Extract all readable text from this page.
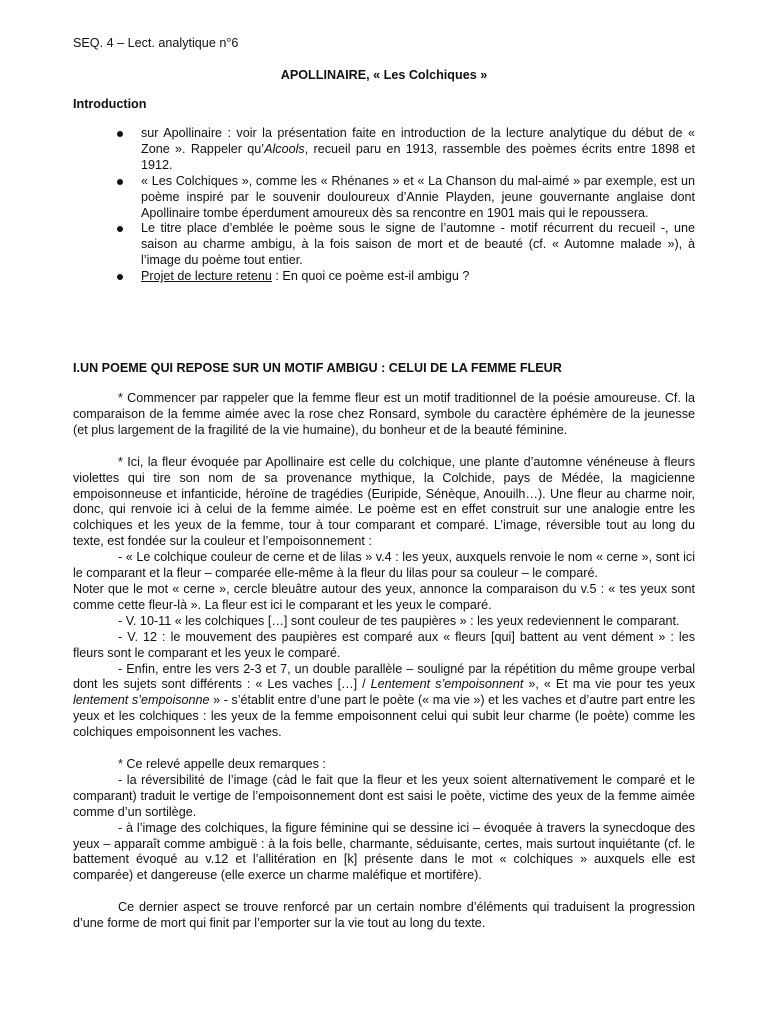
SEQ. 4 – Lect. analytique n°6
APOLLINAIRE, « Les Colchiques »
Introduction
sur Apollinaire : voir la présentation faite en introduction de la lecture analytique du début de « Zone ». Rappeler qu’Alcools, recueil paru en 1913, rassemble des poèmes écrits entre 1898 et 1912.
« Les Colchiques », comme les « Rhénanes » et « La Chanson du mal-aimé » par exemple, est un poème inspiré par le souvenir douloureux d’Annie Playden, jeune gouvernante anglaise dont Apollinaire tombe éperdument amoureux dès sa rencontre en 1901 mais qui le repoussera.
Le titre place d’emblée le poème sous le signe de l’automne - motif récurrent du recueil -, une saison au charme ambigu, à la fois saison de mort et de beauté (cf. « Automne malade »), à l’image du poème tout entier.
Projet de lecture retenu : En quoi ce poème est-il ambigu ?
I.UN POEME QUI REPOSE SUR UN MOTIF AMBIGU : CELUI DE LA FEMME FLEUR

* Commencer par rappeler que la femme fleur est un motif traditionnel de la poésie amoureuse. Cf. la comparaison de la femme aimée avec la rose chez Ronsard, symbole du caractère éphémère de la jeunesse (et plus largement de la fragilité de la vie humaine), du bonheur et de la beauté féminine.

* Ici, la fleur évoquée par Apollinaire est celle du colchique, une plante d’automne vénéneuse à fleurs violettes qui tire son nom de sa provenance mythique, la Colchide, pays de Médée, la magicienne empoisonneuse et infanticide, héroïne de tragédies (Euripide, Sénèque, Anouilh…). Une fleur au charme noir, donc, qui renvoie ici à celui de la femme aimée. Le poème est en effet construit sur une analogie entre les colchiques et les yeux de la femme, tour à tour comparant et comparé. L’image, réversible tout au long du texte, est fondée sur la couleur et l’empoisonnement :

- « Le colchique couleur de cerne et de lilas » v.4 : les yeux, auxquels renvoie le nom « cerne », sont ici le comparant et la fleur – comparée elle-même à la fleur du lilas pour sa couleur – le comparé.

Noter que le mot « cerne », cercle bleuâtre autour des yeux, annonce la comparaison du v.5 : « tes yeux sont comme cette fleur-là ». La fleur est ici le comparant et les yeux le comparé.

- V. 10-11 « les colchiques […] sont couleur de tes paupières » : les yeux redeviennent le comparant.

- V. 12 : le mouvement des paupières est comparé aux « fleurs [qui] battent au vent dément » : les fleurs sont le comparant et les yeux le comparé.

- Enfin, entre les vers 2-3 et 7, un double parallèle – souligné par la répétition du même groupe verbal dont les sujets sont différents : « Les vaches […] / Lentement s’empoisonnent », « Et ma vie pour tes yeux lentement s’empoisonne » - s’établit entre d’une part le poète (« ma vie ») et les vaches et d’autre part entre les yeux et les colchiques : les yeux de la femme empoisonnent celui qui subit leur charme (le poète) comme les colchiques empoisonnent les vaches.

* Ce relevé appelle deux remarques :

- la réversibilité de l’image (càd le fait que la fleur et les yeux soient alternativement le comparé et le comparant) traduit le vertige de l’empoisonnement dont est saisi le poète, victime des yeux de la femme aimée comme d’un sortilège.

- à l’image des colchiques, la figure féminine qui se dessine ici – évoquée à travers la synecdoque des yeux – apparaît comme ambiguë : à la fois belle, charmante, séduisante, certes, mais surtout inquiétante (cf. le battement évoqué au v.12 et l’allitération en [k] présente dans le mot « colchiques » auxquels elle est comparée) et dangereuse (elle exerce un charme maléfique et mortifère).

Ce dernier aspect se trouve renforcé par un certain nombre d’éléments qui traduisent la progression d’une forme de mort qui finit par l’emporter sur la vie tout au long du texte.
